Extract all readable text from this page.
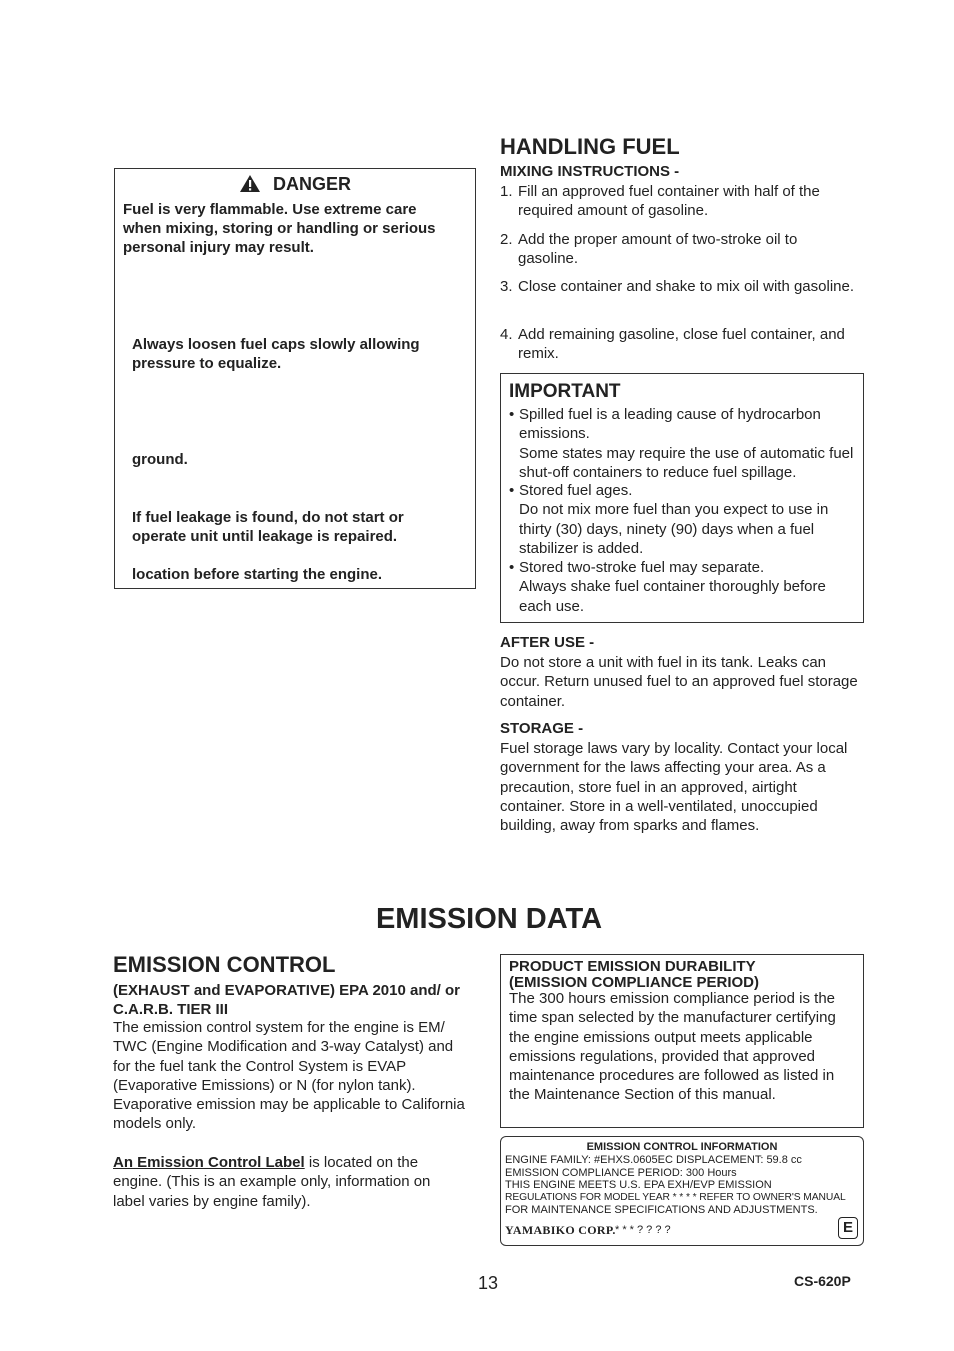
DANGER
Fuel is very flammable. Use extreme care
when mixing, storing or handling or serious
personal injury may result.
Always loosen fuel caps slowly allowing
pressure to equalize.
ground.
If fuel leakage is found, do not start or
operate unit until leakage is repaired.
location before starting the engine.
HANDLING FUEL
MIXING INSTRUCTIONS -
1. Fill an approved fuel container with half of the required amount of gasoline.
2. Add the proper amount of two-stroke oil to gasoline.
3. Close container and shake to mix oil with gasoline.
4. Add remaining gasoline, close fuel container, and remix.
IMPORTANT
• Spilled fuel is a leading cause of hydrocarbon emissions.
Some states may require the use of automatic fuel shut-off containers to reduce fuel spillage.
• Stored fuel ages.
Do not mix more fuel than you expect to use in thirty (30) days, ninety (90) days when a fuel stabilizer is added.
• Stored two-stroke fuel may separate.
Always shake fuel container thoroughly before each use.
AFTER USE -
Do not store a unit with fuel in its tank. Leaks can occur. Return unused fuel to an approved fuel storage container.
STORAGE -
Fuel storage laws vary by locality. Contact your local government for the laws affecting your area. As a precaution, store fuel in an approved, airtight container. Store in a well-ventilated, unoccupied building, away from sparks and flames.
EMISSION DATA
EMISSION CONTROL
(EXHAUST and EVAPORATIVE) EPA 2010 and/ or C.A.R.B. TIER III
The emission control system for the engine is EM/ TWC (Engine Modification and 3-way Catalyst) and for the fuel tank the Control System is EVAP (Evaporative Emissions) or N (for nylon tank). Evaporative emission may be applicable to California models only.
An Emission Control Label is located on the engine. (This is an example only, information on label varies by engine family).
PRODUCT EMISSION DURABILITY
(EMISSION COMPLIANCE PERIOD)
The 300 hours emission compliance period is the time span selected by the manufacturer certifying the engine emissions output meets applicable emissions regulations, provided that approved maintenance procedures are followed as listed in the Maintenance Section of this manual.
EMISSION CONTROL INFORMATION
ENGINE FAMILY: #EHXS.0605EC DISPLACEMENT: 59.8 cc
EMISSION COMPLIANCE PERIOD: 300 Hours
THIS ENGINE MEETS U.S. EPA EXH/EVP EMISSION
REGULATIONS FOR MODEL YEAR * * * * REFER TO OWNER'S MANUAL
FOR MAINTENANCE SPECIFICATIONS AND ADJUSTMENTS.
YAMABIKO CORP. * * * ? ? ? ?	E
13	CS-620P
